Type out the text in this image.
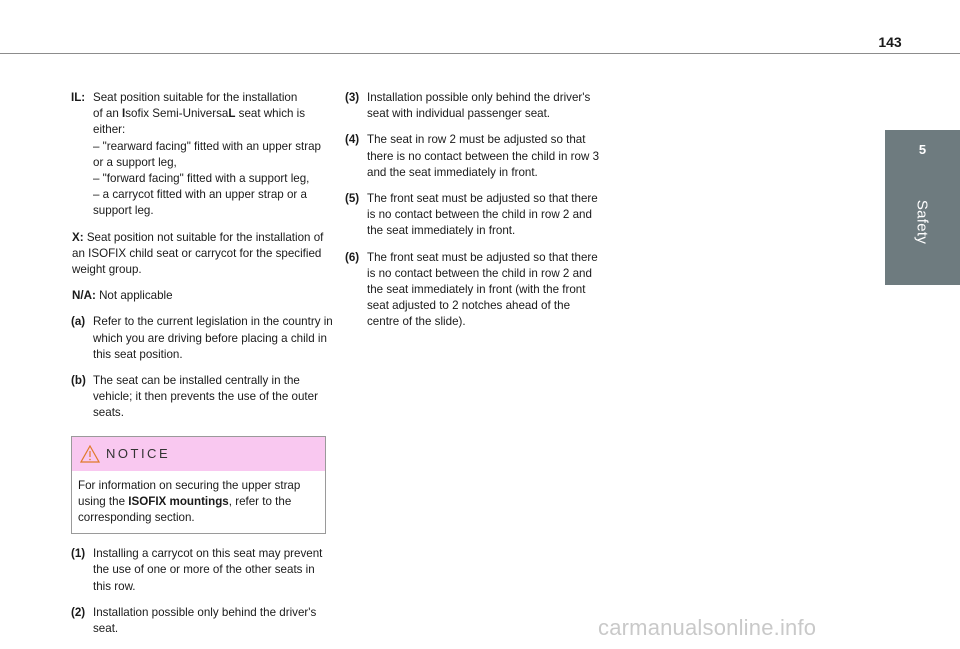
143
5
Safety
IL: Seat position suitable for the installation
of an Isofix Semi-UniversaL seat which is
either:
– "rearward facing" fitted with an upper strap or a support leg,
– "forward facing" fitted with a support leg,
– a carrycot fitted with an upper strap or a support leg.
X: Seat position not suitable for the installation of an ISOFIX child seat or carrycot for the specified weight group.
N/A: Not applicable
(a) Refer to the current legislation in the country in which you are driving before placing a child in this seat position.
(b) The seat can be installed centrally in the vehicle; it then prevents the use of the outer seats.
NOTICE
For information on securing the upper strap using the ISOFIX mountings, refer to the corresponding section.
(1) Installing a carrycot on this seat may prevent the use of one or more of the other seats in this row.
(2) Installation possible only behind the driver's seat.
(3) Installation possible only behind the driver's seat with individual passenger seat.
(4) The seat in row 2 must be adjusted so that there is no contact between the child in row 3 and the seat immediately in front.
(5) The front seat must be adjusted so that there is no contact between the child in row 2 and the seat immediately in front.
(6) The front seat must be adjusted so that there is no contact between the child in row 2 and the seat immediately in front (with the front seat adjusted to 2 notches ahead of the centre of the slide).
carmanualsonline.info
